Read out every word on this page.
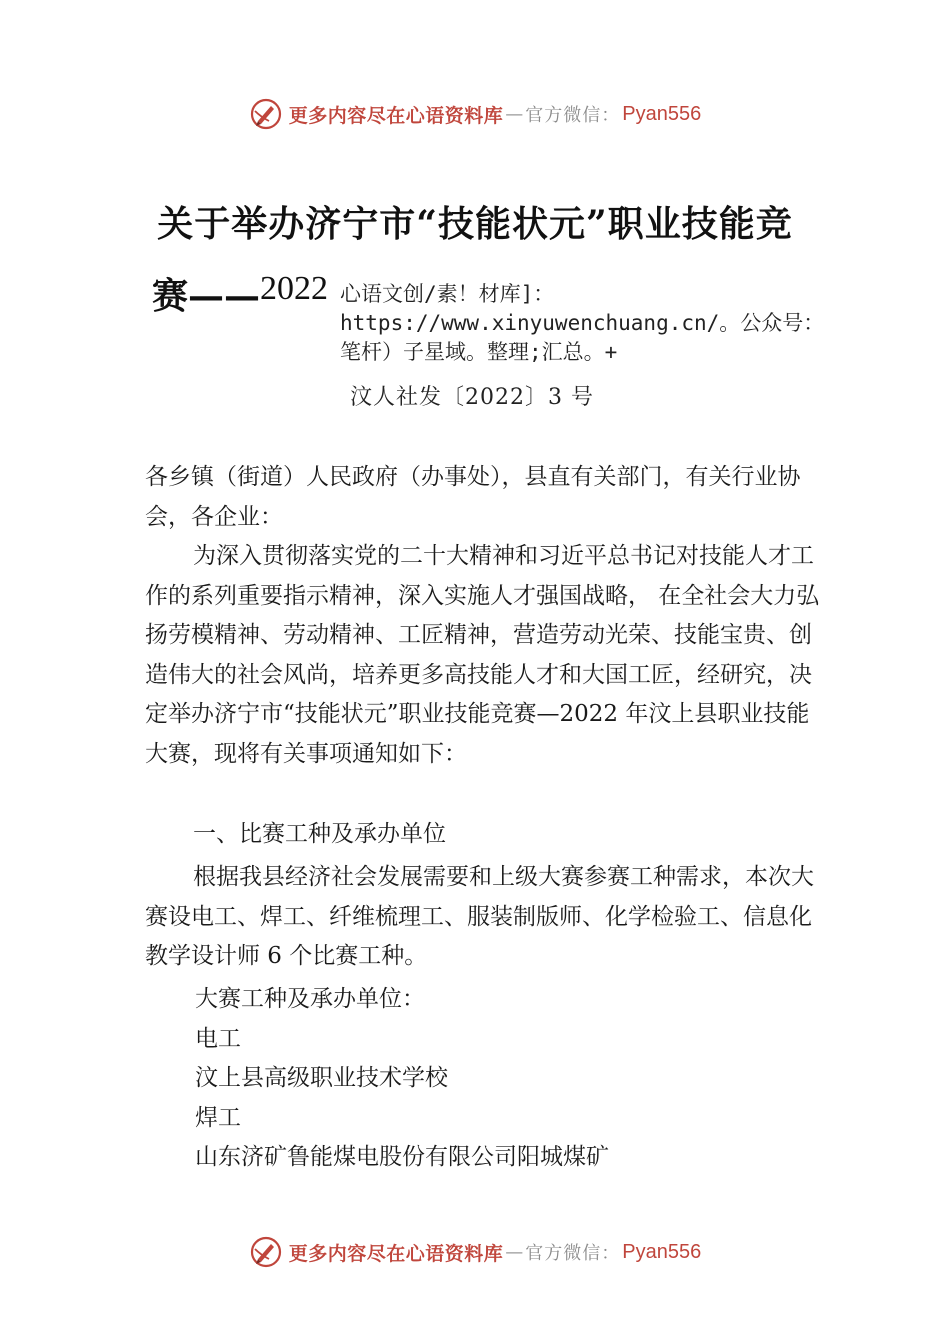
更多内容尽在心语资料库 — 官方微信： Pyan556
关于举办济宁市“技能状元”职业技能竞
赛—— 2022 心语文创/素！材库]：https://www.xinyuwenchuang.cn/。公众号：笔杆）子星域。整理;汇总。+
汶人社发〔2022〕3 号

各乡镇（街道）人民政府（办事处），县直有关部门，有关行业协会，各企业：

为深入贯彻落实党的二十大精神和习近平总书记对技能人才工作的系列重要指示精神，深入实施人才强国战略， 在全社会大力弘扬劳模精神、劳动精神、工匠精神，营造劳动光荣、技能宝贵、创造伟大的社会风尚，培养更多高技能人才和大国工匠，经研究，决定举办济宁市“技能状元”职业技能竞赛—2022 年汶上县职业技能大赛，现将有关事项通知如下：

一、比赛工种及承办单位

根据我县经济社会发展需要和上级大赛参赛工种需求，本次大赛设电工、焊工、纤维梳理工、服装制版师、化学检验工、信息化教学设计师 6 个比赛工种。

大赛工种及承办单位：

电工

汶上县高级职业技术学校

焊工

山东济矿鲁能煤电股份有限公司阳城煤矿

更多内容尽在心语资料库 — 官方微信： Pyan556
